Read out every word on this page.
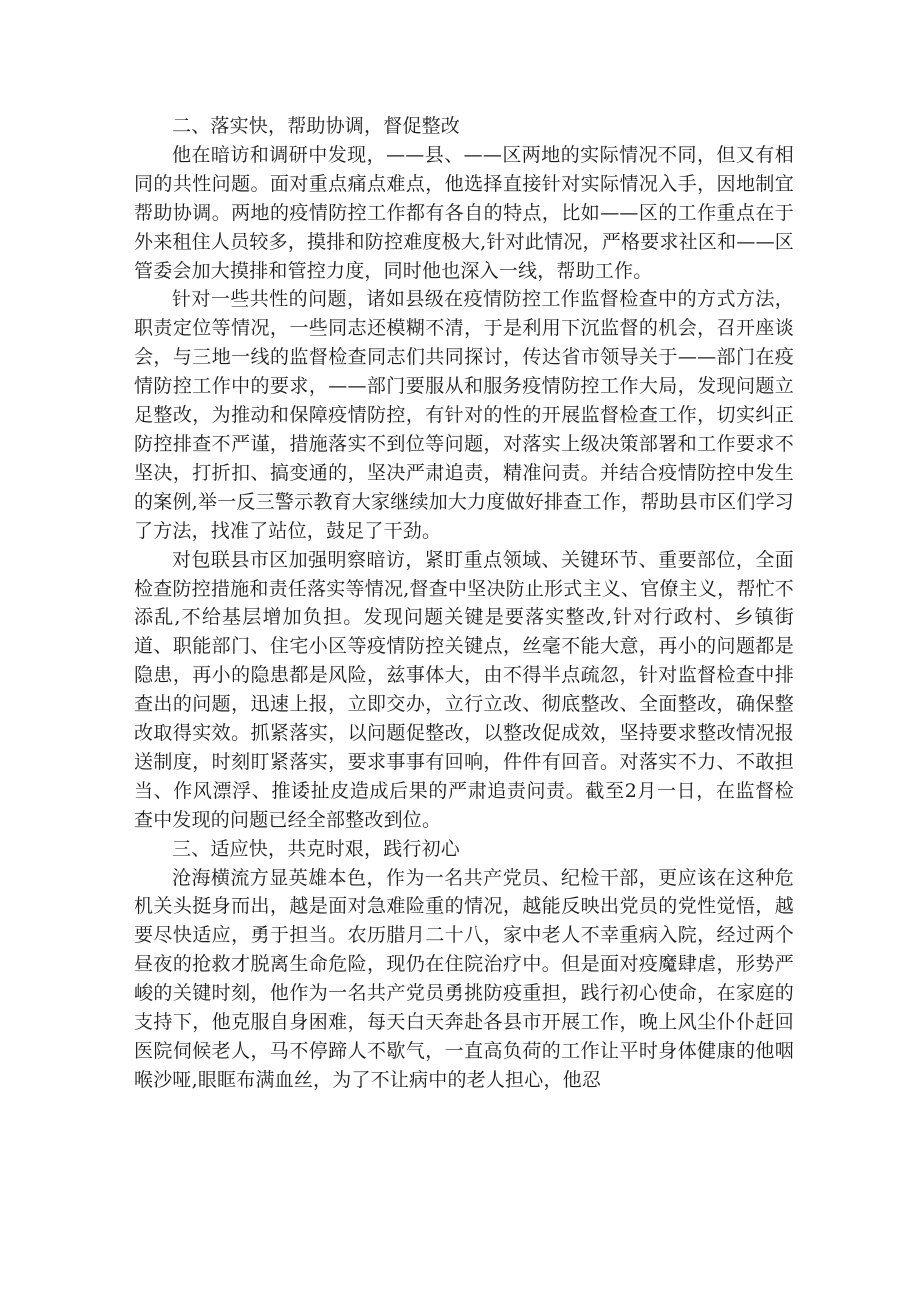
二、落实快，帮助协调，督促整改

他在暗访和调研中发现，——县、——区两地的实际情况不同，但又有相同的共性问题。面对重点痛点难点，他选择直接针对实际情况入手，因地制宜帮助协调。两地的疫情防控工作都有各自的特点，比如——区的工作重点在于外来租住人员较多，摸排和防控难度极大,针对此情况，严格要求社区和——区管委会加大摸排和管控力度，同时他也深入一线，帮助工作。

针对一些共性的问题，诸如县级在疫情防控工作监督检查中的方式方法，职责定位等情况，一些同志还模糊不清，于是利用下沉监督的机会，召开座谈会，与三地一线的监督检查同志们共同探讨，传达省市领导关于——部门在疫情防控工作中的要求，——部门要服从和服务疫情防控工作大局，发现问题立足整改，为推动和保障疫情防控，有针对的性的开展监督检查工作，切实纠正防控排查不严谨，措施落实不到位等问题，对落实上级决策部署和工作要求不坚决，打折扣、搞变通的，坚决严肃追责，精准问责。并结合疫情防控中发生的案例,举一反三警示教育大家继续加大力度做好排查工作，帮助县市区们学习了方法，找准了站位，鼓足了干劲。

对包联县市区加强明察暗访，紧盯重点领域、关键环节、重要部位，全面检查防控措施和责任落实等情况,督查中坚决防止形式主义、官僚主义，帮忙不添乱,不给基层增加负担。发现问题关键是要落实整改,针对行政村、乡镇街道、职能部门、住宅小区等疫情防控关键点，丝毫不能大意，再小的问题都是隐患，再小的隐患都是风险，兹事体大，由不得半点疏忽，针对监督检查中排查出的问题，迅速上报，立即交办，立行立改、彻底整改、全面整改，确保整改取得实效。抓紧落实，以问题促整改，以整改促成效，坚持要求整改情况报送制度，时刻盯紧落实，要求事事有回响，件件有回音。对落实不力、不敢担当、作风漂浮、推诿扯皮造成后果的严肃追责问责。截至2月一日，在监督检查中发现的问题已经全部整改到位。

三、适应快，共克时艰，践行初心

沧海横流方显英雄本色，作为一名共产党员、纪检干部，更应该在这种危机关头挺身而出，越是面对急难险重的情况，越能反映出党员的党性觉悟，越要尽快适应，勇于担当。农历腊月二十八，家中老人不幸重病入院，经过两个昼夜的抢救才脱离生命危险，现仍在住院治疗中。但是面对疫魔肆虐，形势严峻的关键时刻，他作为一名共产党员勇挑防疫重担，践行初心使命，在家庭的支持下，他克服自身困难，每天白天奔赴各县市开展工作，晚上风尘仆仆赶回医院伺候老人，马不停蹄人不歇气，一直高负荷的工作让平时身体健康的他咽喉沙哑,眼眶布满血丝，为了不让病中的老人担心，他忍
